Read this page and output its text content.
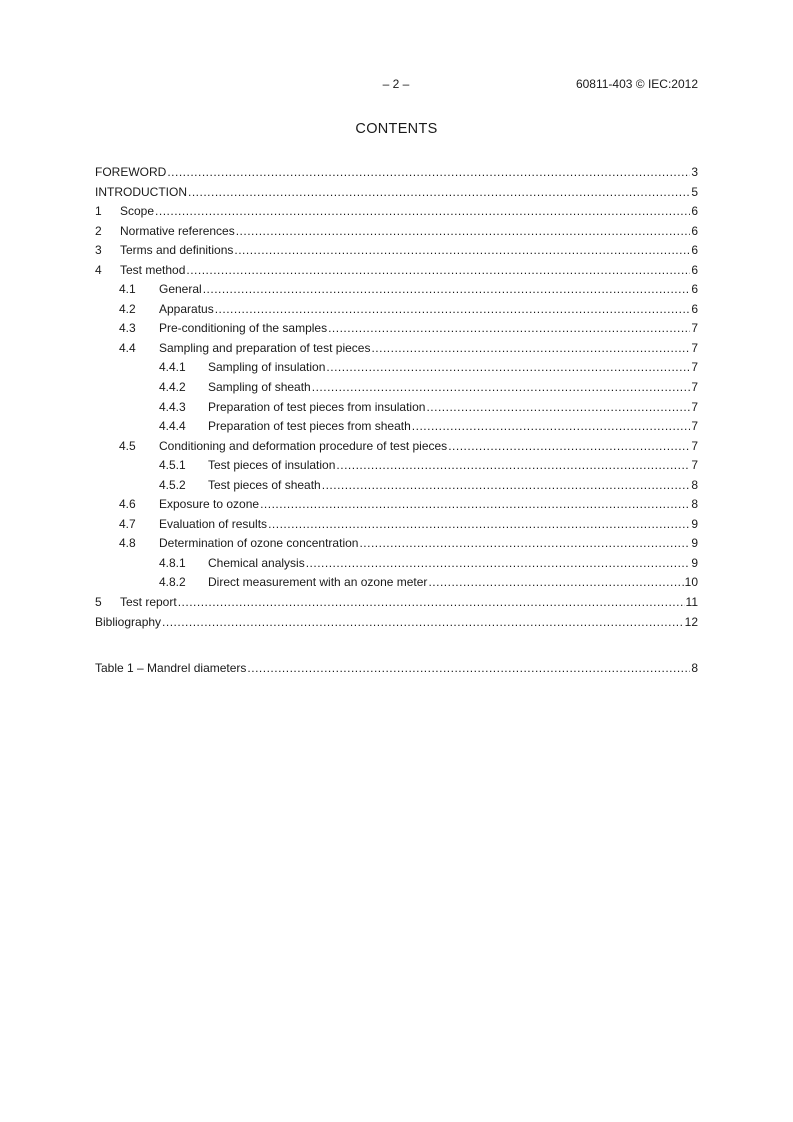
– 2 –	60811-403 © IEC:2012
CONTENTS
FOREWORD .....	3
INTRODUCTION .....	5
1	Scope .....	6
2	Normative references .....	6
3	Terms and definitions .....	6
4	Test method .....	6
4.1	General .....	6
4.2	Apparatus .....	6
4.3	Pre-conditioning of the samples .....	7
4.4	Sampling and preparation of test pieces .....	7
4.4.1	Sampling of insulation .....	7
4.4.2	Sampling of sheath .....	7
4.4.3	Preparation of test pieces from insulation .....	7
4.4.4	Preparation of test pieces from sheath .....	7
4.5	Conditioning and deformation procedure of test pieces .....	7
4.5.1	Test pieces of insulation .....	7
4.5.2	Test pieces of sheath .....	8
4.6	Exposure to ozone .....	8
4.7	Evaluation of results .....	9
4.8	Determination of ozone concentration .....	9
4.8.1	Chemical analysis .....	9
4.8.2	Direct measurement with an ozone meter .....	10
5	Test report .....	11
Bibliography .....	12
Table 1 – Mandrel diameters .....	8
